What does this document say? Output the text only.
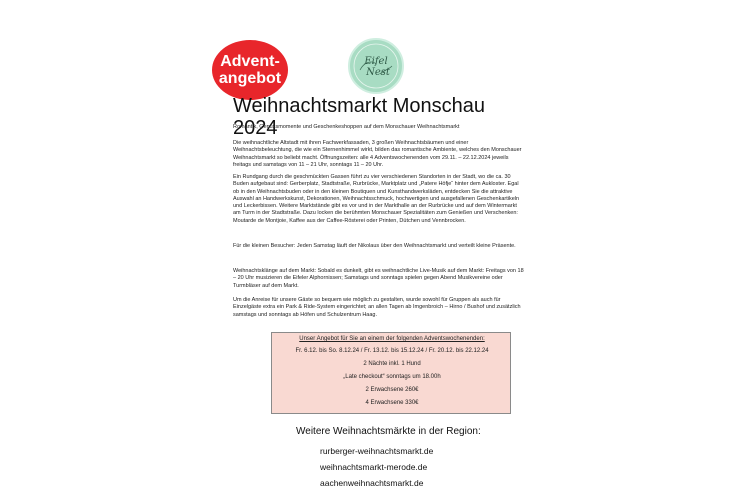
Advent-
angebot
Eifel
Nest
Weihnachtsmarkt Monschau 2024
Romantik, Genussmomente und Geschenkeshoppen auf dem Monschauer Weihnachtsmarkt
Die weihnachtliche Altstadt mit ihren Fachwerkfassaden, 3 großen Weihnachtsbäumen und einer Weihnachtsbeleuchtung, die wie ein Sternenhimmel wirkt, bilden das romantische Ambiente, welches den Monschauer Weihnachtsmarkt so beliebt macht. Öffnungszeiten: alle 4 Adventswochenenden vom 29.11. – 22.12.2024 jeweils freitags und samstags von 11 – 21 Uhr, sonntags 11 – 20 Uhr.
Ein Rundgang durch die geschmückten Gassen führt zu vier verschiedenen Standorten in der Stadt, wo die ca. 30 Buden aufgebaut sind: Gerberplatz, Stadtstraße, Rurbrücke, Marktplatz und „Patere Höfje“ hinter dem Aukloster. Egal ob in den Weihnachtsbuden oder in den kleinen Boutiquen und Kunsthandwerksläden, entdecken Sie die attraktive Auswahl an Handwerkskunst, Dekorationen, Weihnachtsschmuck, hochwertigen und ausgefallenen Geschenkartikeln und Leckerbissen. Weitere Marktstände gibt es vor und in der Markthalle an der Rurbrücke und auf dem Wintermarkt am Turm in der Stadtstraße. Dazu locken die berühmten Monschauer Spezialitäten zum Genießen und Verschenken: Moutarde de Montjoie, Kaffee aus der Caffee-Rösterei oder Printen, Dütchen und Vennbrocken.
Für die kleinen Besucher: Jeden Samstag läuft der Nikolaus über den Weihnachtsmarkt und verteilt kleine Präsente.
Weihnachtsklänge auf dem Markt: Sobald es dunkelt, gibt es weihnachtliche Live-Musik auf dem Markt: Freitags von 18 – 20 Uhr musizieren die Eifeler Alphornissen; Samstags und sonntags spielen gegen Abend Musikvereine oder Turmbläser auf dem Markt.
Um die Anreise für unsere Gäste so bequem wie möglich zu gestalten, wurde sowohl für Gruppen als auch für Einzelgäste extra ein Park & Ride-System eingerichtet; an allen Tagen ab Imgenbroich – Hirno / Bushof und zusätzlich samstags und sonntags ab Höfen und Schulzentrum Haag.
Unser Angebot für Sie an einem der folgenden Adventswochenenden:
Fr. 6.12. bis So. 8.12.24 / Fr. 13.12. bis 15.12.24 / Fr. 20.12. bis 22.12.24
2 Nächte inkl. 1 Hund
„Late checkout“ sonntags um 18.00h
2 Erwachsene 260€
4 Erwachsene 330€
Weitere Weihnachtsmärkte in der Region:
rurberger-weihnachtsmarkt.de
weihnachtsmarkt-merode.de
aachenweihnachtsmarkt.de
